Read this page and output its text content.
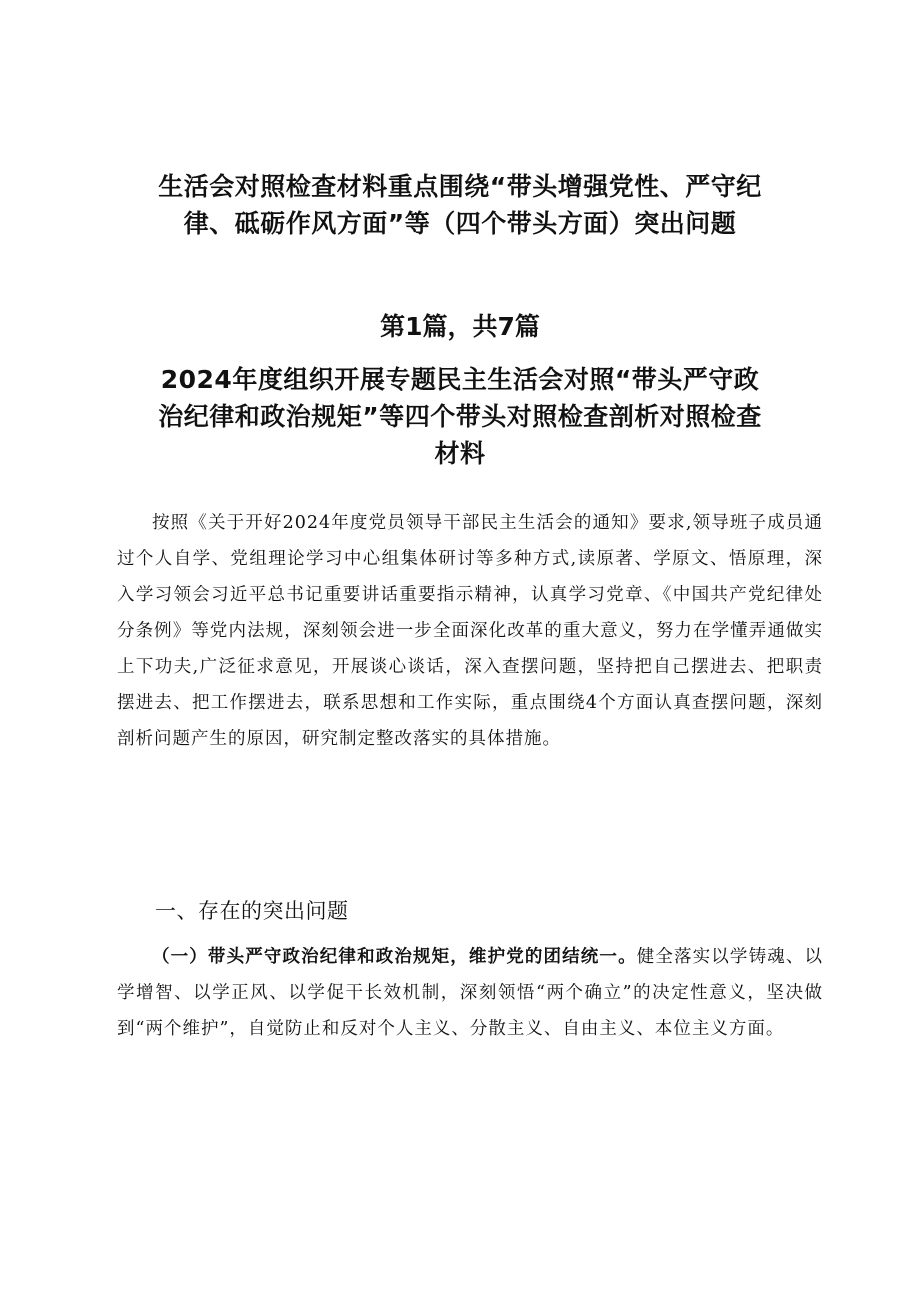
生活会对照检查材料重点围绕“带头增强党性、严守纪律、砥砺作风方面”等（四个带头方面）突出问题
第1篇，共7篇
2024年度组织开展专题民主生活会对照“带头严守政治纪律和政治规矩”等四个带头对照检查剖析对照检查材料

按照《关于开好2024年度党员领导干部民主生活会的通知》要求,领导班子成员通过个人自学、党组理论学习中心组集体研讨等多种方式,读原著、学原文、悟原理，深入学习领会习近平总书记重要讲话重要指示精神，认真学习党章、《中国共产党纪律处分条例》等党内法规，深刻领会进一步全面深化改革的重大意义，努力在学懂弄通做实上下功夫,广泛征求意见，开展谈心谈话，深入查摆问题，坚持把自己摆进去、把职责摆进去、把工作摆进去，联系思想和工作实际，重点围绕4个方面认真查摆问题，深刻剖析问题产生的原因，研究制定整改落实的具体措施。

一、存在的突出问题

（一）带头严守政治纪律和政治规矩，维护党的团结统一。健全落实以学铸魂、以学增智、以学正风、以学促干长效机制，深刻领悟“两个确立”的决定性意义，坚决做到“两个维护”，自觉防止和反对个人主义、分散主义、自由主义、本位主义方面。
